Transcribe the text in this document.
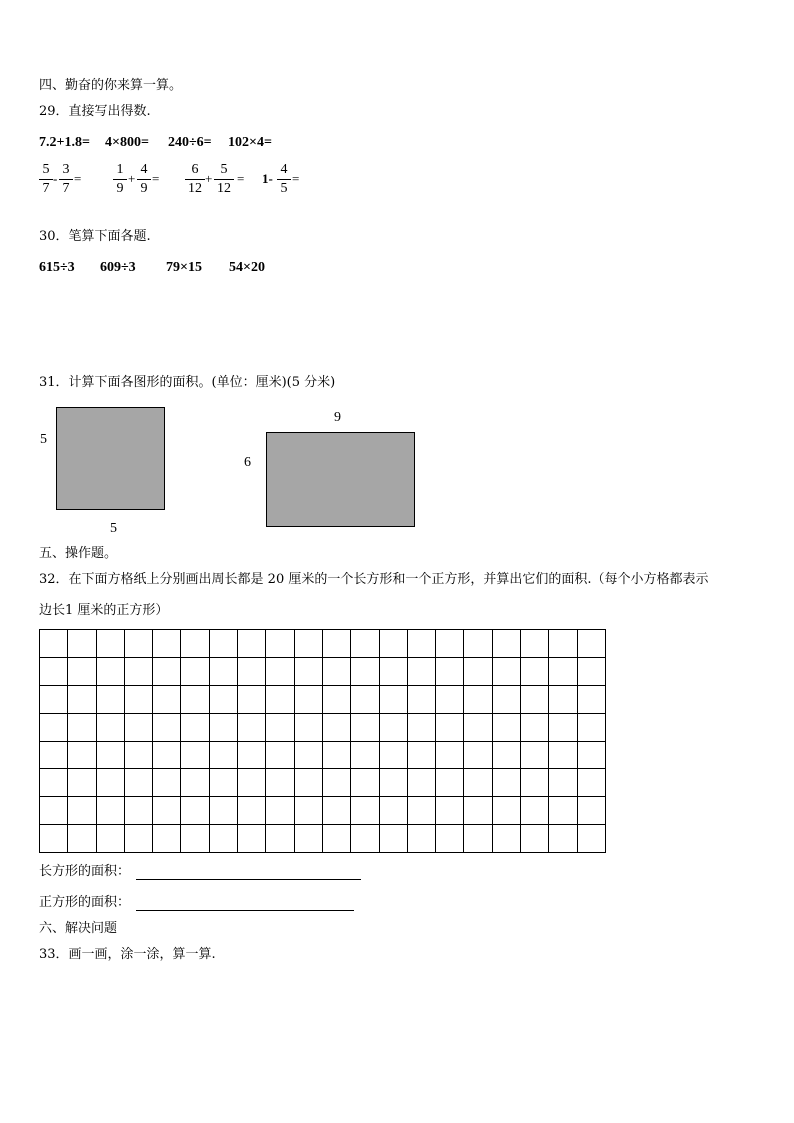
四、勤奋的你来算一算。
29．直接写出得数.
7.2+1.8= 4×800= 240÷6= 102×4=
5
7
-
3
7
=
1
9
+
4
9
=
6
12
+
5
12
= 1-
4
5
=
30．笔算下面各题.
615÷3 609÷3 79×15 54×20
31．计算下面各图形的面积。(单位：厘米)(5 分米)
5
5
9
6
五、操作题。
32．在下面方格纸上分别画出周长都是 20 厘米的一个长方形和一个正方形，并算出它们的面积.（每个小方格都表示
边长1 厘米的正方形）
长方形的面积：
正方形的面积：
六、解决问题
33．画一画，涂一涂，算一算.
